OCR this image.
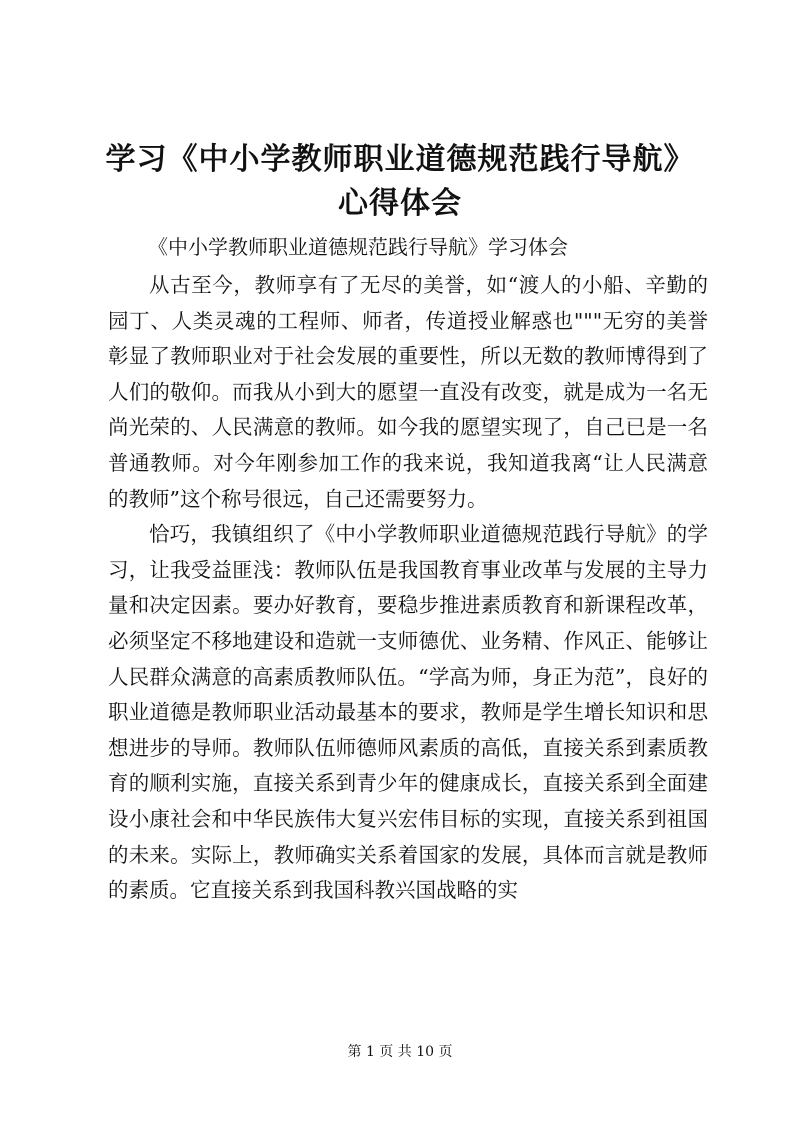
学习《中小学教师职业道德规范践行导航》心得体会
《中小学教师职业道德规范践行导航》学习体会

从古至今，教师享有了无尽的美誉，如“渡人的小船、辛勤的园丁、人类灵魂的工程师、师者，传道授业解惑也"""无穷的美誉彰显了教师职业对于社会发展的重要性，所以无数的教师博得到了人们的敬仰。而我从小到大的愿望一直没有改变，就是成为一名无尚光荣的、人民满意的教师。如今我的愿望实现了，自己已是一名普通教师。对今年刚参加工作的我来说，我知道我离“让人民满意的教师”这个称号很远，自己还需要努力。

恰巧，我镇组织了《中小学教师职业道德规范践行导航》的学习，让我受益匪浅：教师队伍是我国教育事业改革与发展的主导力量和决定因素。要办好教育，要稳步推进素质教育和新课程改革，必须坚定不移地建设和造就一支师德优、业务精、作风正、能够让人民群众满意的高素质教师队伍。“学高为师，身正为范”，良好的职业道德是教师职业活动最基本的要求，教师是学生增长知识和思想进步的导师。教师队伍师德师风素质的高低，直接关系到素质教育的顺利实施，直接关系到青少年的健康成长，直接关系到全面建设小康社会和中华民族伟大复兴宏伟目标的实现，直接关系到祖国的未来。实际上，教师确实关系着国家的发展，具体而言就是教师的素质。它直接关系到我国科教兴国战略的实

第 1 页 共 10 页
